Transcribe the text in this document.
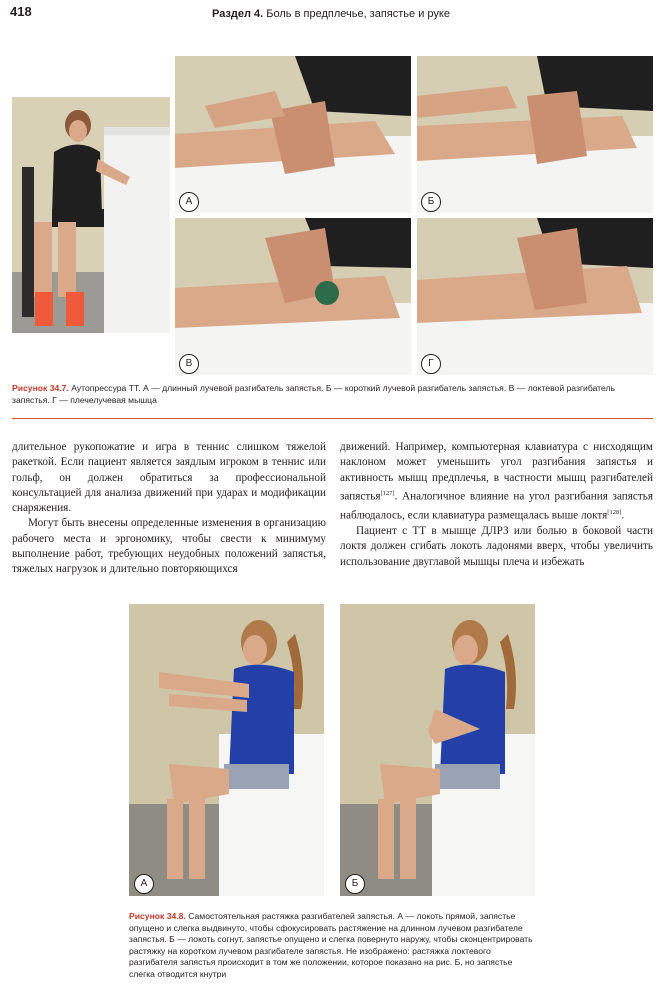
418	Раздел 4. Боль в предплечье, запястье и руке
А	Б
В	Г
Рисунок 34.7. Аутопрессура ТТ. А — длинный лучевой разгибатель запястья. Б — короткий лучевой разгибатель запястья. В — локтевой разгибатель запястья. Г — плечелучевая мышца

длительное рукопожатие и игра в теннис слишком тяжелой ракеткой. Если пациент является заядлым игроком в теннис или гольф, он должен обратиться за профессиональной консультацией для анализа движений при ударах и модификации снаряжения.

Могут быть внесены определенные изменения в организацию рабочего места и эргономику, чтобы свести к минимуму выполнение работ, требующих неудобных положений запястья, тяжелых нагрузок и длительно повторяющихся

движений. Например, компьютерная клавиатура с нисходящим наклоном может уменьшить угол разгибания запястья и активность мышц предплечья, в частности мышц разгибателей запястья[127]. Аналогичное влияние на угол разгибания запястья наблюдалось, если клавиатура размещалась выше локтя[128].

Пациент с ТТ в мышце ДЛРЗ или болью в боковой части локтя должен сгибать локоть ладонями вверх, чтобы увеличить использование двуглавой мышцы плеча и избежать

А	Б
Рисунок 34.8. Самостоятельная растяжка разгибателей запястья. А — локоть прямой, запястье опущено и слегка выдвинуто, чтобы сфокусировать растяжение на длинном лучевом разгибателе запястья. Б — локоть согнут, запястье опущено и слегка повернуто наружу, чтобы сконцентрировать растяжку на коротком лучевом разгибателе запястья. Не изображено: растяжка локтевого разгибателя запястья происходит в том же положении, которое показано на рис. Б, но запястье слегка отводится кнутри
